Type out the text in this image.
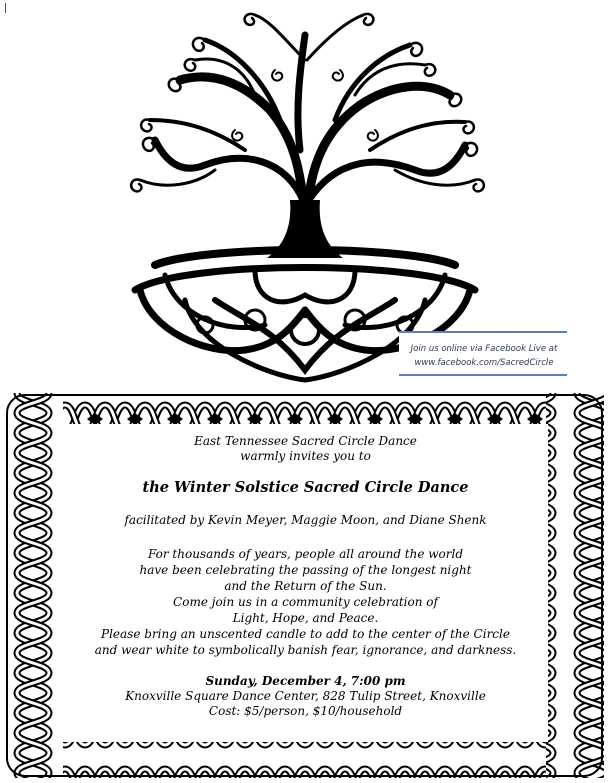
Join us online via Facebook Live at
www.facebook.com/SacredCircle

East Tennessee Sacred Circle Dance

warmly invites you to

the Winter Solstice Sacred Circle Dance

facilitated by Kevin Meyer, Maggie Moon, and Diane Shenk

For thousands of years, people all around the world

have been celebrating the passing of the longest night

and the Return of the Sun.

Come join us in a community celebration of

Light, Hope, and Peace.

Please bring an unscented candle to add to the center of the Circle

and wear white to symbolically banish fear, ignorance, and darkness.

Sunday, December 4, 7:00 pm

Knoxville Square Dance Center, 828 Tulip Street, Knoxville

Cost: $5/person, $10/household
